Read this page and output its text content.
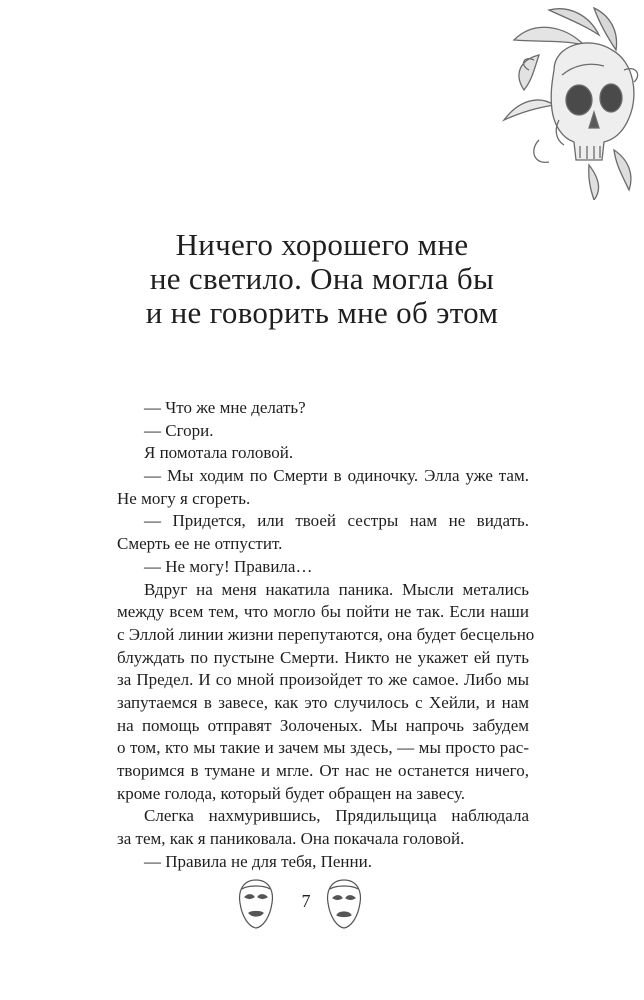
Ничего хорошего мне
не светило. Она могла бы
и не говорить мне об этом
— Что же мне делать?
— Сгори.
Я помотала головой.
— Мы ходим по Смерти в одиночку. Элла уже там.
Не могу я сгореть.
— Придется, или твоей сестры нам не видать.
Смерть ее не отпустит.
— Не могу! Правила…
Вдруг на меня накатила паника. Мысли метались
между всем тем, что могло бы пойти не так. Если наши
с Эллой линии жизни перепутаются, она будет бесцельно
блуждать по пустыне Смерти. Никто не укажет ей путь
за Предел. И со мной произойдет то же самое. Либо мы
запутаемся в завесе, как это случилось с Хейли, и нам
на помощь отправят Золоченых. Мы напрочь забудем
о том, кто мы такие и зачем мы здесь, — мы просто рас-
творимся в тумане и мгле. От нас не останется ничего,
кроме голода, который будет обращен на завесу.
Слегка нахмурившись, Прядильщица наблюдала
за тем, как я паниковала. Она покачала головой.
— Правила не для тебя, Пенни.
7
